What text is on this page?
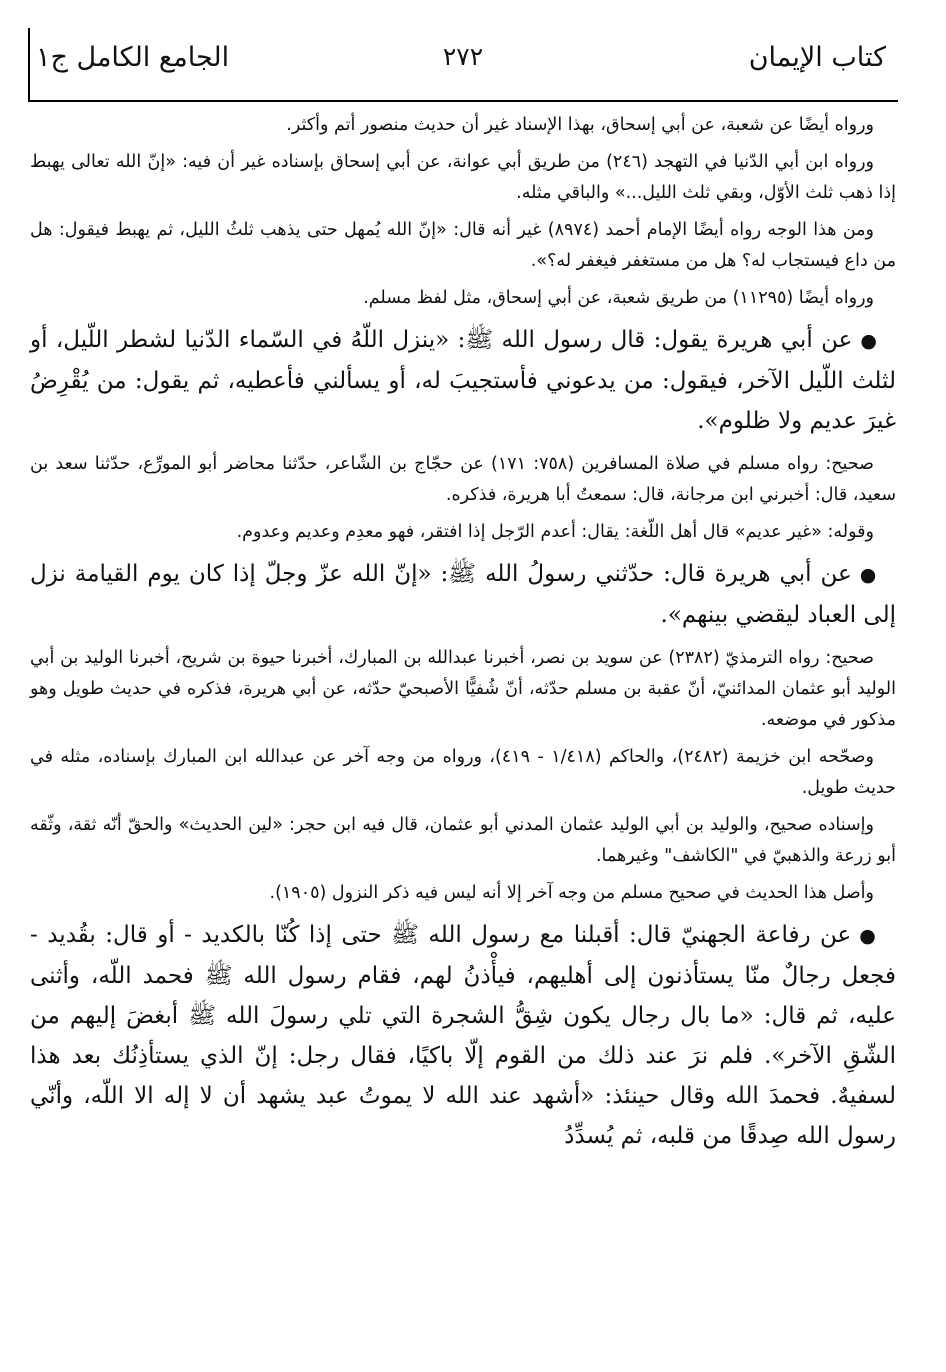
كتاب الإيمان
٢٧٢
الجامع الكامل ج١

ورواه أيضًا عن شعبة، عن أبي إسحاق، بهذا الإسناد غير أن حديث منصور أتم وأكثر.

ورواه ابن أبي الدّنيا في التهجد (٢٤٦) من طريق أبي عوانة، عن أبي إسحاق بإسناده غير أن فيه: «إنّ الله تعالى يهبط إذا ذهب ثلث الأوّل، وبقي ثلث الليل...» والباقي مثله.

ومن هذا الوجه رواه أيضًا الإمام أحمد (٨٩٧٤) غير أنه قال: «إنّ الله يُمهل حتى يذهب ثلثُ الليل، ثم يهبط فيقول: هل من داع فيستجاب له؟ هل من مستغفر فيغفر له؟».

ورواه أيضًا (١١٢٩٥) من طريق شعبة، عن أبي إسحاق، مثل لفظ مسلم.

●عن أبي هريرة يقول: قال رسول الله ﷺ: «ينزل اللّهُ في السّماء الدّنيا لشطر اللّيل، أو لثلث اللّيل الآخر، فيقول: من يدعوني فأستجيبَ له، أو يسألني فأعطيه، ثم يقول: من يُقْرِضُ غيرَ عديم ولا ظلوم».

صحيح: رواه مسلم في صلاة المسافرين (٧٥٨: ١٧١) عن حجّاج بن الشّاعر، حدّثنا محاضر أبو المورِّع، حدّثنا سعد بن سعيد، قال: أخبرني ابن مرجانة، قال: سمعتُ أبا هريرة، فذكره.

وقوله: «غير عديم» قال أهل اللّغة: يقال: أعدم الرّجل إذا افتقر، فهو معدِم وعديم وعدوم.

●عن أبي هريرة قال: حدّثني رسولُ الله ﷺ: «إنّ الله عزّ وجلّ إذا كان يوم القيامة نزل إلى العباد ليقضي بينهم».

صحيح: رواه الترمذيّ (٢٣٨٢) عن سويد بن نصر، أخبرنا عبدالله بن المبارك، أخبرنا حيوة بن شريح، أخبرنا الوليد بن أبي الوليد أبو عثمان المدائنيّ، أنّ عقبة بن مسلم حدّثه، أنّ شُفيًّا الأصبحيّ حدّثه، عن أبي هريرة، فذكره في حديث طويل وهو مذكور في موضعه.

وصحّحه ابن خزيمة (٢٤٨٢)، والحاكم (١/٤١٨ - ٤١٩)، ورواه من وجه آخر عن عبدالله ابن المبارك بإسناده، مثله في حديث طويل.

وإسناده صحيح، والوليد بن أبي الوليد عثمان المدني أبو عثمان، قال فيه ابن حجر: «لين الحديث» والحقّ أنّه ثقة، وثّقه أبو زرعة والذهبيّ في "الكاشف" وغيرهما.

وأصل هذا الحديث في صحيح مسلم من وجه آخر إلا أنه ليس فيه ذكر النزول (١٩٠٥).

●عن رفاعة الجهنيّ قال: أقبلنا مع رسول الله ﷺ حتى إذا كُنّا بالكديد - أو قال: بقُديد - فجعل رجالٌ منّا يستأذنون إلى أهليهم، فيأْذنُ لهم، فقام رسول الله ﷺ فحمد اللّه، وأثنى عليه، ثم قال: «ما بال رجال يكون شِقُّ الشجرة التي تلي رسولَ الله ﷺ أبغضَ إليهم من الشّقِ الآخر». فلم نرَ عند ذلك من القوم إلّا باكيًا، فقال رجل: إنّ الذي يستأذِنُك بعد هذا لسفيهٌ. فحمدَ الله وقال حينئذ: «أشهد عند الله لا يموتُ عبد يشهد أن لا إله الا اللّه، وأنّي رسول الله صِدقًا من قلبه، ثم يُسدِّدُ
